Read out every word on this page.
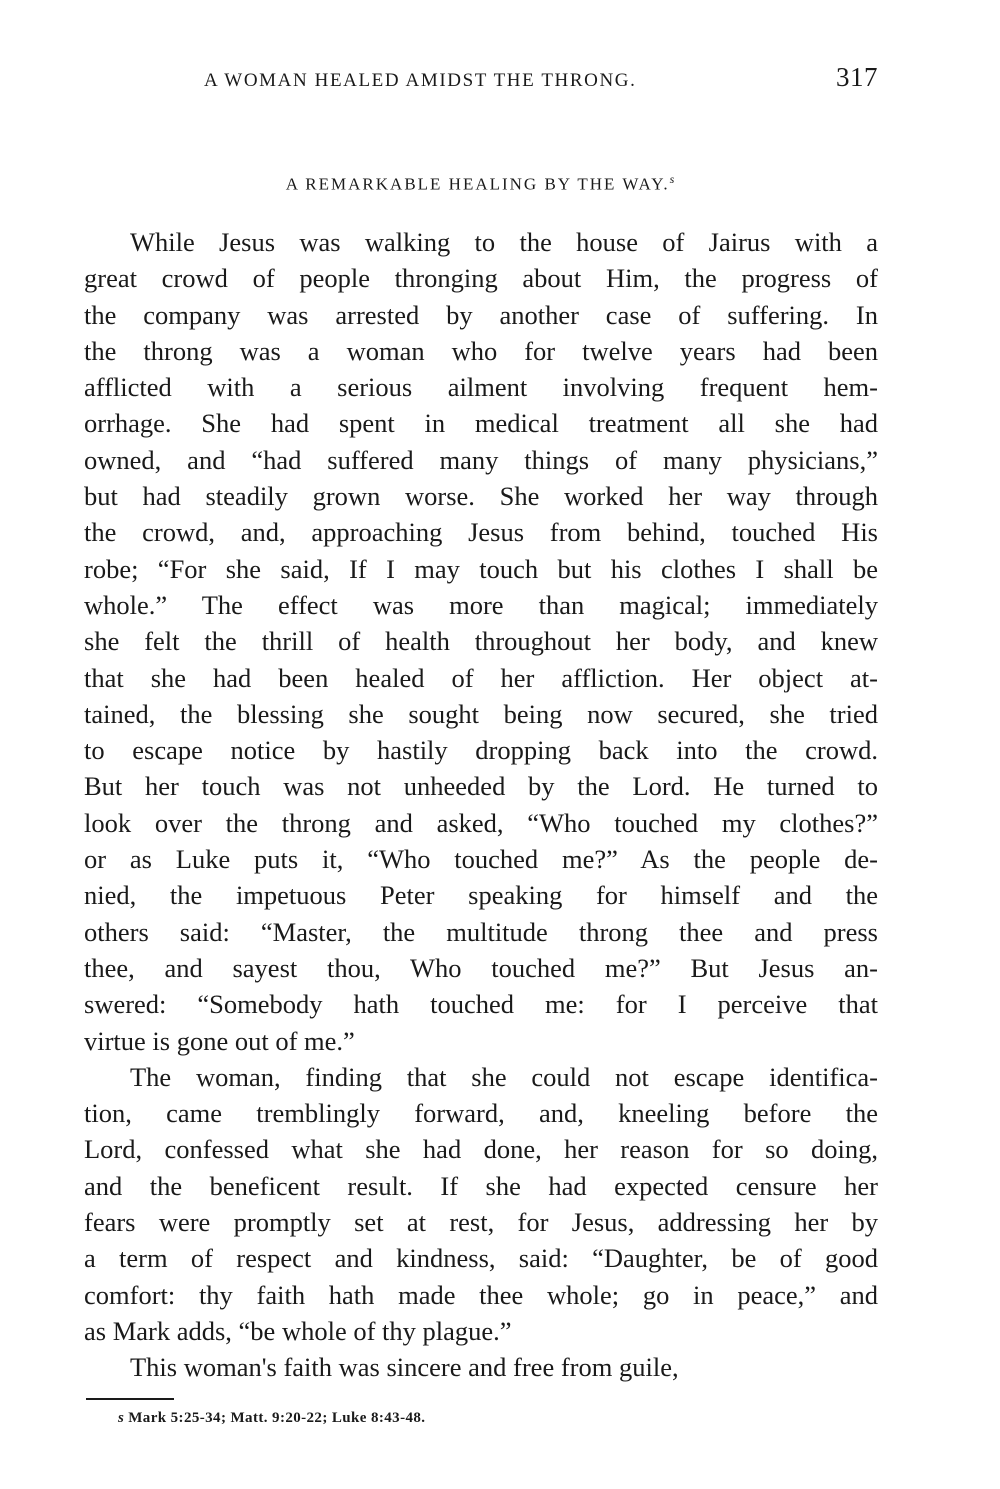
A WOMAN HEALED AMIDST THE THRONG.	317
A REMARKABLE HEALING BY THE WAY.$^s$
While Jesus was walking to the house of Jairus with a
great crowd of people thronging about Him, the progress of
the company was arrested by another case of suffering. In
the throng was a woman who for twelve years had been
afflicted with a serious ailment involving frequent hem-
orrhage. She had spent in medical treatment all she had
owned, and “had suffered many things of many physicians,”
but had steadily grown worse. She worked her way through
the crowd, and, approaching Jesus from behind, touched His
robe; “For she said, If I may touch but his clothes I shall be
whole.” The effect was more than magical; immediately
she felt the thrill of health throughout her body, and knew
that she had been healed of her affliction. Her object at-
tained, the blessing she sought being now secured, she tried
to escape notice by hastily dropping back into the crowd.
But her touch was not unheeded by the Lord. He turned to
look over the throng and asked, “Who touched my clothes?”
or as Luke puts it, “Who touched me?” As the people de-
nied, the impetuous Peter speaking for himself and the
others said: “Master, the multitude throng thee and press
thee, and sayest thou, Who touched me?” But Jesus an-
swered: “Somebody hath touched me: for I perceive that
virtue is gone out of me.”
The woman, finding that she could not escape identifica-
tion, came tremblingly forward, and, kneeling before the
Lord, confessed what she had done, her reason for so doing,
and the beneficent result. If she had expected censure her
fears were promptly set at rest, for Jesus, addressing her by
a term of respect and kindness, said: “Daughter, be of good
comfort: thy faith hath made thee whole; go in peace,” and
as Mark adds, “be whole of thy plague.”
This woman's faith was sincere and free from guile,
s Mark 5:25-34; Matt. 9:20-22; Luke 8:43-48.
